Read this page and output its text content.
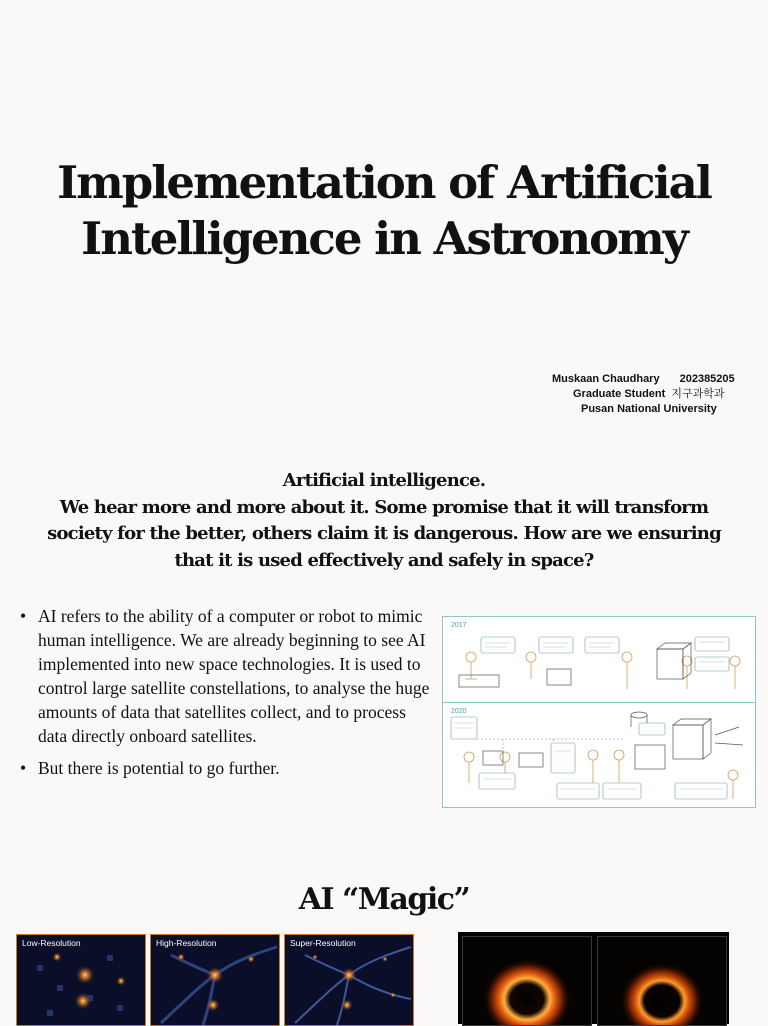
Implementation of Artificial
Intelligence in Astronomy
Muskaan Chaudhary 202385205
Graduate Student 지구과학과
Pusan National University

Artificial intelligence.
We hear more and more about it. Some promise that it will transform
society for the better, others claim it is dangerous. How are we ensuring
that it is used effectively and safely in space?

• AI refers to the ability of a computer or robot to mimic human intelligence. We are already beginning to see AI implemented into new space technologies. It is used to control large satellite constellations, to analyse the huge amounts of data that satellites collect, and to process data directly onboard satellites.
• But there is potential to go further.
2017
2020
AI “Magic”
Low-Resolution	High-Resolution	Super-Resolution
